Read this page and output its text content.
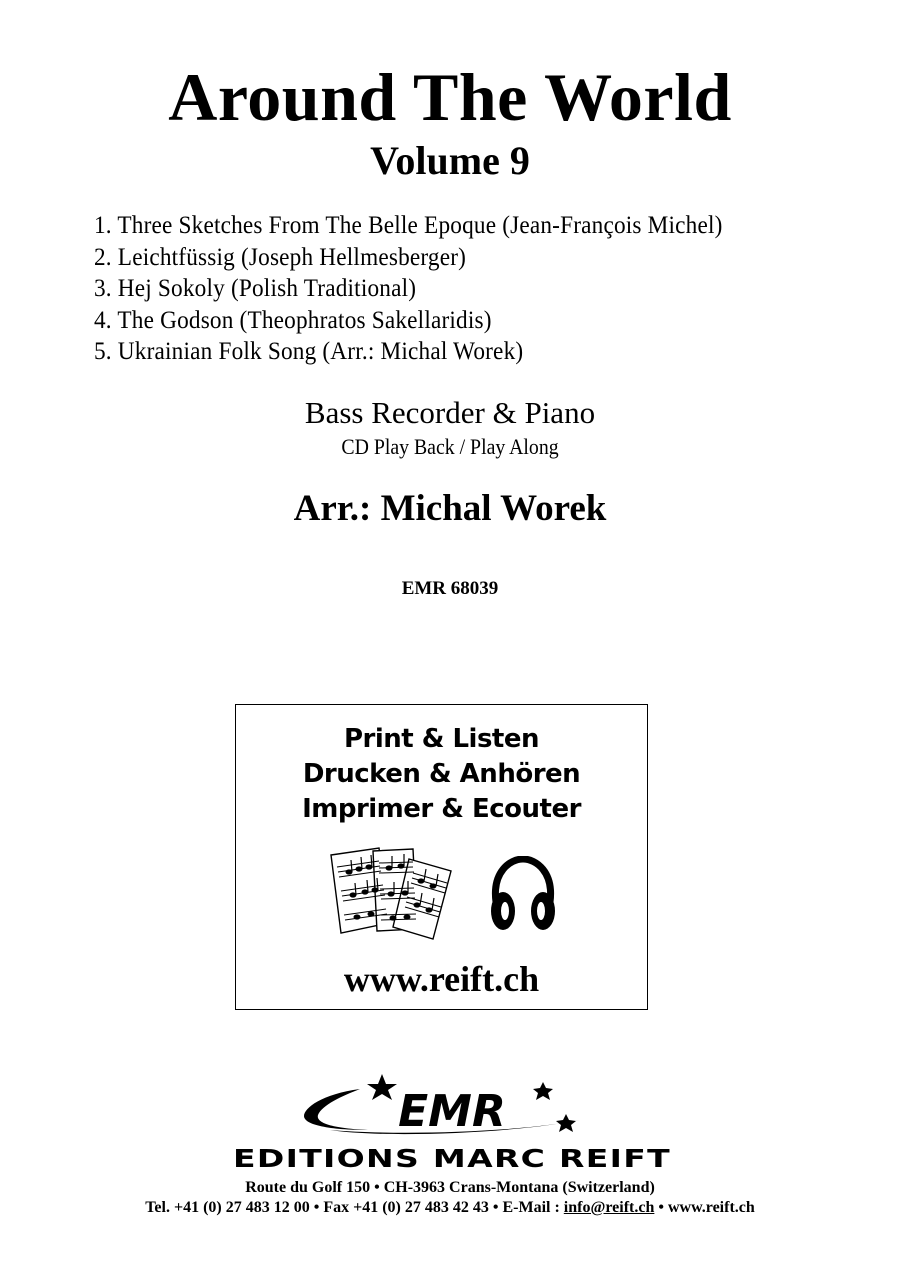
Around The World
Volume 9
1. Three Sketches From The Belle Epoque (Jean-François Michel)
2. Leichtfüssig (Joseph Hellmesberger)
3. Hej Sokoly (Polish Traditional)
4. The Godson (Theophratos Sakellaridis)
5. Ukrainian Folk Song (Arr.: Michal Worek)
Bass Recorder & Piano
CD Play Back / Play Along
Arr.: Michal Worek
EMR 68039
Print & Listen
Drucken & Anhören
Imprimer & Ecouter
www.reift.ch
EMR
EDITIONS MARC REIFT
Route du Golf 150 • CH-3963 Crans-Montana (Switzerland)
Tel. +41 (0) 27 483 12 00 • Fax +41 (0) 27 483 42 43 • E-Mail : info@reift.ch • www.reift.ch
